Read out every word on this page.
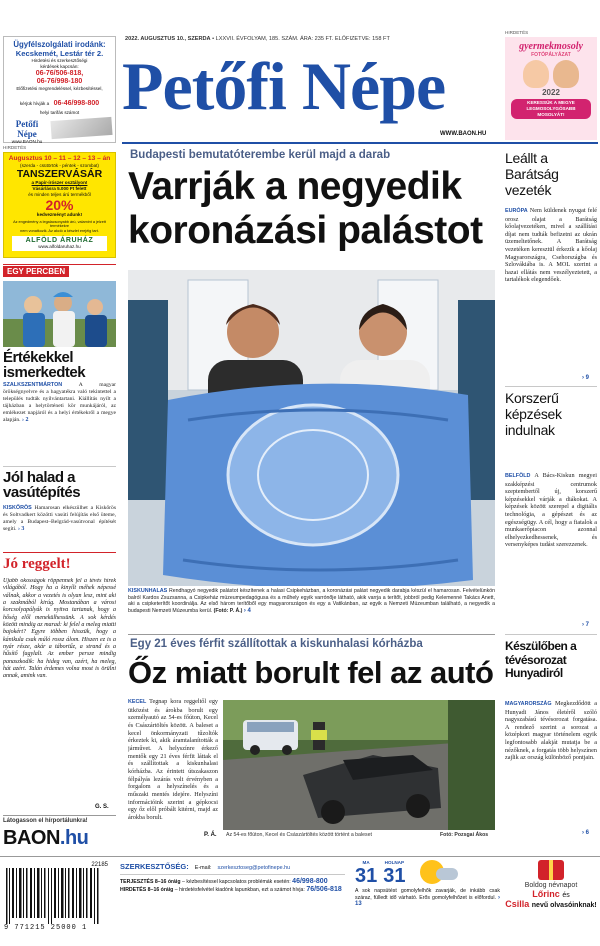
Ügyfélszolgálati irodánk:
Kecskemét, Lestár tér 2.
Hirdetési és szerkesztőségi
kérdések kapcsán:
06-76/506-818,
06-76/998-180
Előfizetési megrendeléssel, kézbesítéssel,
kérjük hívják a 06-46/998-800
helyi tarifás számot
Petőfi Népe
www.BAON.hu
HIRDETÉS
Augusztus 10 – 11 – 12 – 13 – án
(szerda - csütörtök - péntek - szombat)
TANSZERVÁSÁR
a Papír-írószer osztályon!
Vásárlásra 5.000 Ft felett
és minden teljes árú termékből
20%
kedvezményt adunk!
Az engedmény a legalacsonyabb árú, valamint a jelzett termékekre
nem vonatkozik. Az akció a készlet erejéig tart.
ALFÖLD ÁRUHÁZ
www.alfoldaruhaz.hu
EGY PERCBEN
Értékekkel ismerkedtek
SZALKSZENTMÁRTON	A magyar örökségnyelvre és a hagyatékra való tekintettel a település tudták nyilvántartani. Kiállítás nyílt a tájházban a helytörténeti kör munkájáról, az emlékezet napjáról és a helyi értékekről a megye alapján. › 2
Jól halad a vasútépítés
KISKŐRÖS Hamarosan elkészülhet a Kiskőrös és Soltvadkert közötti vasúti felújítás első üteme, amely a Budapest–Belgrád-vasútvonal építését segíti. › 3
Jó reggelt!
Újabb okosságok röppennek fel a tévés hírek világából. Hogy ha a kinyílt méhek népessé válnak, akkor a vezetés is olyan lesz, mint aki a szakmából kirúg. Mostanában a városi korcsolyapályák is nyitva tartanak, hogy a hőség elől menekülhessünk. A sok kérdés között mindig az marad: ki felel a meleg miatti bajokért? Egyre többen hisszük, hogy a kánikula csak múló rossz álom. Hiszen ez is a nyár része, akár a tábortűz, a strand és a hűsítő fagylalt. Az ember persze mindig panaszkodik: ha hideg van, azért, ha meleg, hát azért. Talán érdemes volna most is örülni annak, amink van.
G. S.
Látogasson el hírportálunkra!
BAON.hu
2022. AUGUSZTUS 10., SZERDA • LXXVII. ÉVFOLYAM, 185. SZÁM. ÁRA: 235 FT. ELŐFIZETVE: 158 FT
Petőfi Népe
WWW.BAON.HU
HIRDETÉS
gyermekmosoly
FOTÓPÁLYÁZAT
2022
KERESSÜK A MEGYE
LEGMOSOLYGÓSABB
MOSOLYÁT!
Budapesti bemutatóterembe kerül majd a darab
Varrják a negyedik
koronázási palástot
KISKUNHALAS Rendhagyó negyedik palástot készítenek a halasi Csipkeházban, a koronázási palást negyedik darabja készül el hamarosan. Felvételünkön balról Kardos Zsuzsanna, a Csipkeház múzeumpedagógusa és a műhely egyik varrónője látható, akik varrja a terítőt, jobbról pedig Kelemenné Takács Anett, aki a csipketerítőt koordinálja. Az első három terítőből egy magyarországon és egy a Vatikánban, az egyik a Nemzeti Múzeumban található, a negyedik a budapesti Nemzeti Múzeumba kerül. (Fotó: P. Á.) › 4
Egy 21 éves férfit szállítottak a kiskunhalasi kórházba
Őz miatt borult fel az autó
KECEL Tegnap kora reggeltől egy ütközést és árokba borult egy személyautó az 54-es főúton, Kecel és Császártöltés között. A baleset a kecel önkormányzati tűzoltók érkeztek ki, akik áramtalanították a járművet. A helyszínre érkező mentők egy 21 éves férfit láttak el és szállítottak a kiskunhalasi kórházba. Az érintett útszakaszon félpályás lezárás volt érvényben a forgalom a helyszínelés és a műszaki mentés idejére. Helyszíni információink szerint a gépkocsi egy őz elől próbált kitérni, majd az árokba borult.
P. Á. Az 54-es főúton, Kecel és Császártöltés között történt a baleset	Fotó: Pozsgai Ákos
Leállt a Barátság vezeték
EURÓPA Nem küldenek nyugat felé orosz olajat a Barátság kőolajvezetéken, mivel a szállítási díjat nem tudták befizetni az ukrán üzemeltetőnek. A Barátság vezetéken keresztül érkezik a kőolaj Magyarországra, Csehországba és Szlovákiába is. A MOL szerint a hazai ellátás nem veszélyeztetett, a tartalékok elegendőek.
› 9
Korszerű képzések indulnak
BELFÖLD A Bács-Kiskun megyei szakképzési centrumok szeptembertől új, korszerű képzésekkel várják a diákokat. A képzések között szerepel a digitális technológia, a gépészet és az egészségügy. A cél, hogy a fiatalok a munkaerőpiacon azonnal elhelyezkedhessenek, és versenyképes tudást szerezzenek.
› 7
Készülőben a tévésorozat Hunyadiról
MAGYARORSZÁG Megkezdődött a Hunyadi János életéről szóló nagyszabású tévésorozat forgatása. A rendező szerint a sorozat a középkori magyar történelem egyik legfontosabb alakját mutatja be a nézőknek, a forgatás több helyszínen zajlik az ország különböző pontjain.
› 6
22185
9 771215 25000 1
SZERKESZTŐSÉG: E-mail: szerkesztoseg@petofinepe.hu
TERJESZTÉS 8–16 óráig – kézbesítéssel kapcsolatos problémák esetén: 46/998-800
HIRDETÉS 8–16 óráig – hirdetésfelvétel kiadónk lapunkban, ezt a számot hívja: 76/506-818
MA
31
HOLNAP
31
A sok napsütést gomolyfelhők zavarják, de inkább csak száraz, fülledt idő várható. Erős gomolyfelhőzet is előfordul. › 13
Boldog névnapot
Lőrinc és
Csilla nevű olvasóinknak!
